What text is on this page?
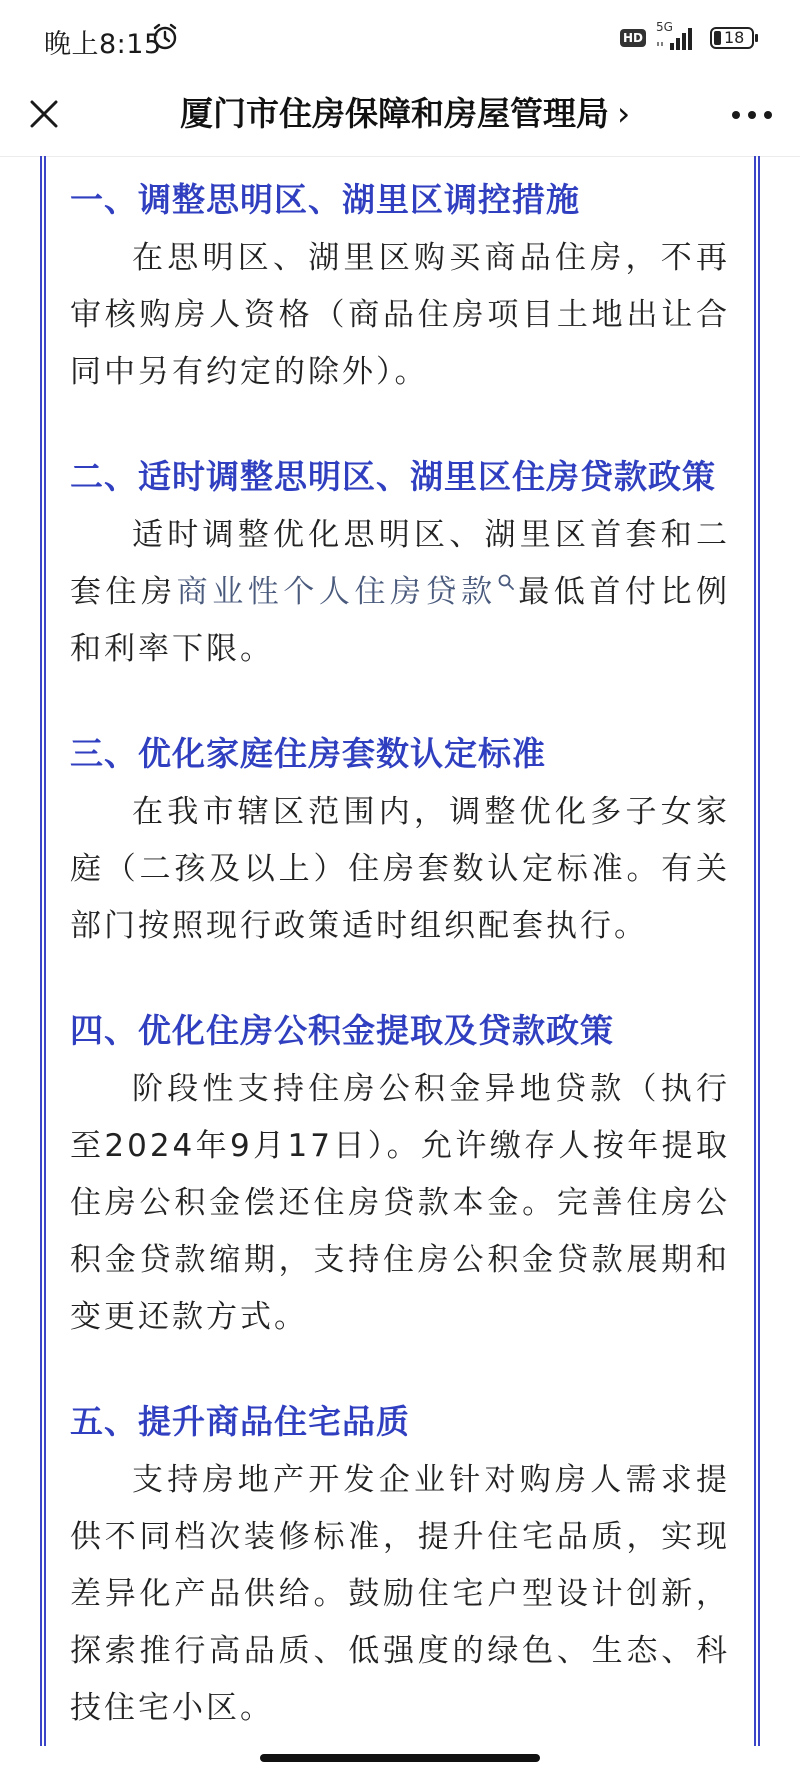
晚上8:15	HD
5G
18
厦门市住房保障和房屋管理局 ›
一、调整思明区、湖里区调控措施

在思明区、湖里区购买商品住房，不再审核购房人资格（商品住房项目土地出让合同中另有约定的除外）。

二、适时调整思明区、湖里区住房贷款政策

适时调整优化思明区、湖里区首套和二套住房商业性个人住房贷款 最低首付比例和利率下限。

三、优化家庭住房套数认定标准

在我市辖区范围内，调整优化多子女家庭（二孩及以上）住房套数认定标准。有关部门按照现行政策适时组织配套执行。

四、优化住房公积金提取及贷款政策

阶段性支持住房公积金异地贷款（执行至2024年9月17日）。允许缴存人按年提取住房公积金偿还住房贷款本金。完善住房公积金贷款缩期，支持住房公积金贷款展期和变更还款方式。

五、提升商品住宅品质

支持房地产开发企业针对购房人需求提供不同档次装修标准，提升住宅品质，实现差异化产品供给。鼓励住宅户型设计创新，探索推行高品质、低强度的绿色、生态、科技住宅小区。
